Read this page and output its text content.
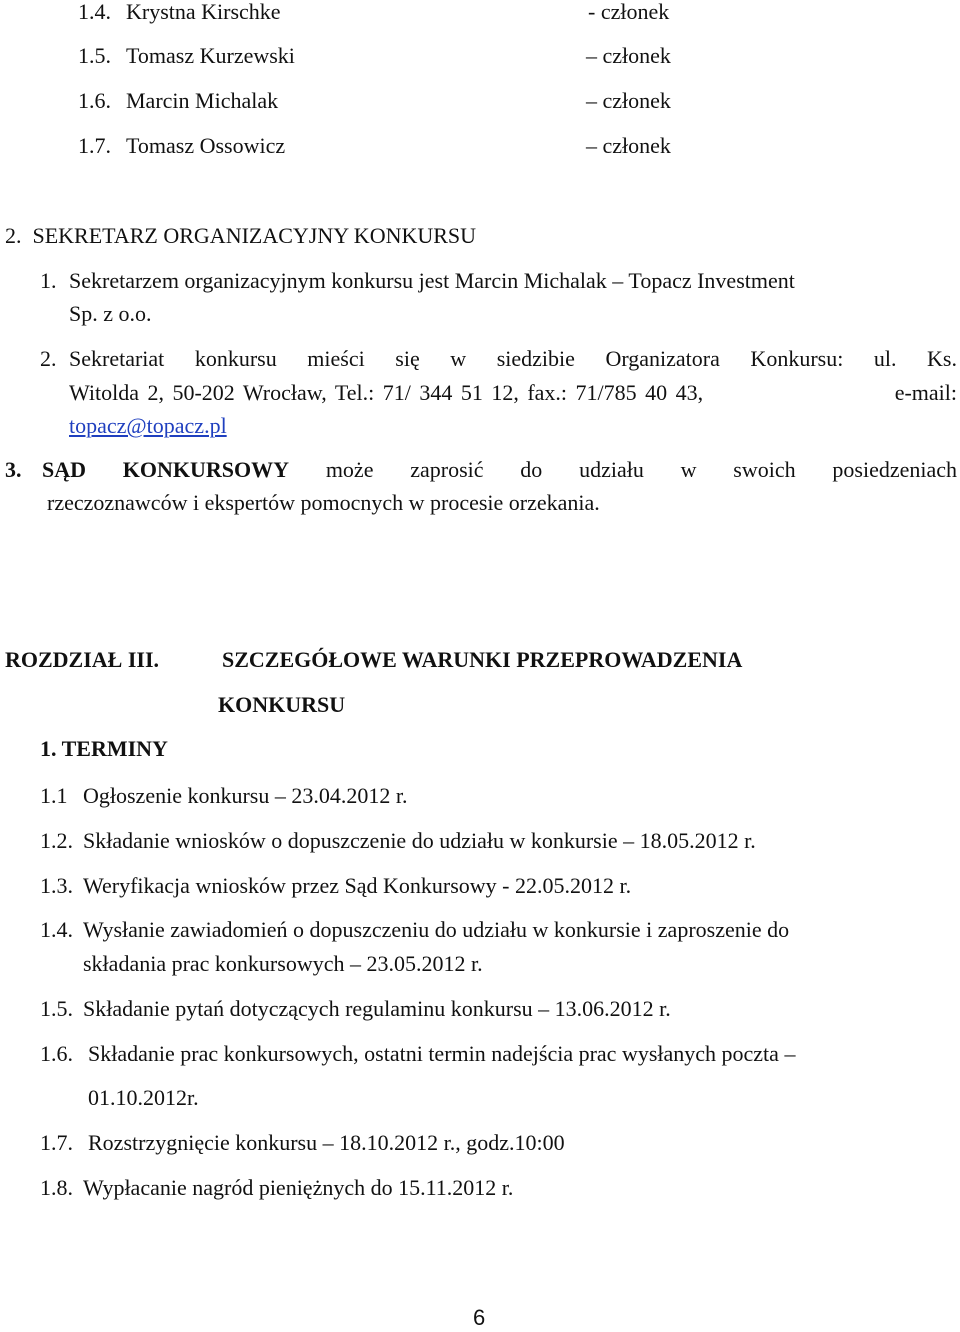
1.4. Krystna Kirschke	- członek
1.5. Tomasz Kurzewski	– członek
1.6. Marcin Michalak	– członek
1.7. Tomasz Ossowicz	– członek
2.  SEKRETARZ ORGANIZACYJNY KONKURSU
1. Sekretarzem organizacyjnym konkursu jest Marcin Michalak – Topacz Investment
Sp. z o.o.
2. Sekretariat konkursu mieści się w siedzibie Organizatora Konkursu: ul. Ks.
Witolda 2, 50-202 Wrocław, Tel.: 71/ 344 51 12, fax.: 71/785 40 43,	e-mail:
topacz@topacz.pl
3. SĄD KONKURSOWY może zaprosić do udziału w swoich posiedzeniach
rzeczoznawców i ekspertów pomocnych w procesie orzekania.
ROZDZIAŁ III.	SZCZEGÓŁOWE WARUNKI PRZEPROWADZENIA
KONKURSU
1. TERMINY
1.1 Ogłoszenie konkursu – 23.04.2012 r.
1.2. Składanie wniosków o dopuszczenie do udziału w konkursie – 18.05.2012 r.
1.3. Weryfikacja wniosków przez Sąd Konkursowy - 22.05.2012 r.
1.4. Wysłanie zawiadomień o dopuszczeniu do udziału w konkursie i zaproszenie do
składania prac konkursowych – 23.05.2012 r.
1.5. Składanie pytań dotyczących regulaminu konkursu – 13.06.2012 r.
1.6. Składanie prac konkursowych, ostatni termin nadejścia prac wysłanych poczta –
01.10.2012r.
1.7. Rozstrzygnięcie konkursu – 18.10.2012 r., godz.10:00
1.8. Wypłacanie nagród pieniężnych do 15.11.2012 r.
6
